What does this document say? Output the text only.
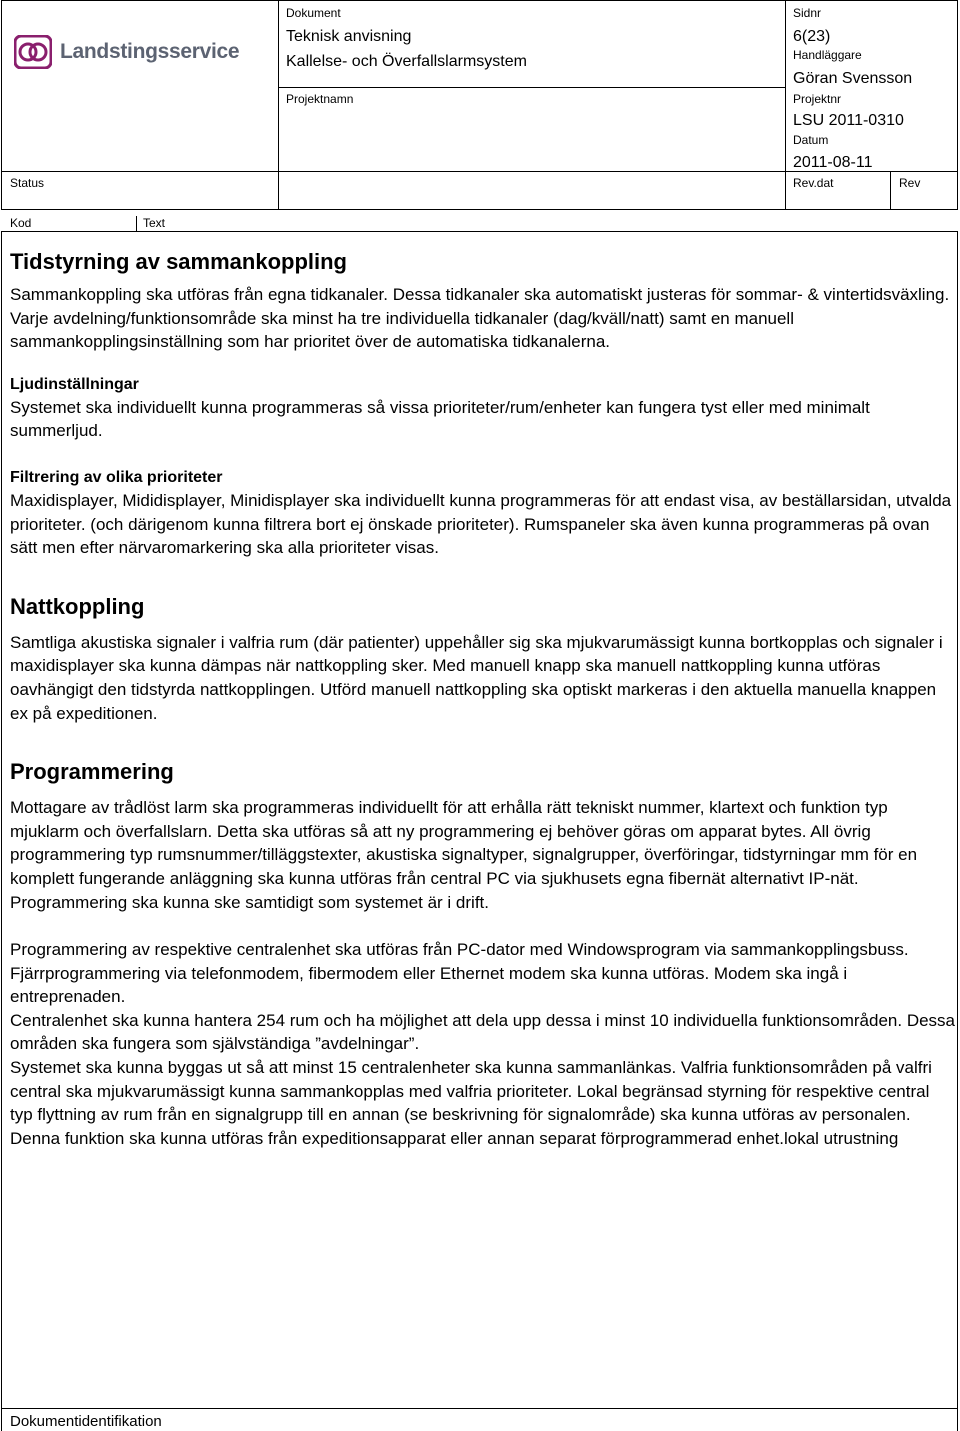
Landstingsservice
Status
Dokument
Teknisk anvisning
Kallelse- och Överfallslarmsystem
Projektnamn
Sidnr
6(23)
Handläggare
Göran Svensson
Projektnr
LSU 2011-0310
Datum
2011-08-11
Rev.dat	Rev
Kod	Text
Tidstyrning av sammankoppling

Sammankoppling ska utföras från egna tidkanaler. Dessa tidkanaler ska automatiskt justeras för sommar- & vintertidsväxling. Varje avdelning/funktionsområde ska minst ha tre individuella tidkanaler (dag/kväll/natt) samt en manuell sammankopplingsinställning som har prioritet över de automatiska tidkanalerna.

Ljudinställningar

Systemet ska individuellt kunna programmeras så vissa prioriteter/rum/enheter kan fungera tyst eller med minimalt summerljud.

Filtrering av olika prioriteter

Maxidisplayer, Mididisplayer, Minidisplayer ska individuellt kunna programmeras för att endast visa, av beställarsidan, utvalda prioriteter. (och därigenom kunna filtrera bort ej önskade prioriteter). Rumspaneler ska även kunna programmeras på ovan sätt men efter närvaromarkering ska alla prioriteter visas.

Nattkoppling

Samtliga akustiska signaler i valfria rum (där patienter) uppehåller sig ska mjukvarumässigt kunna bortkopplas och signaler i maxidisplayer ska kunna dämpas när nattkoppling sker. Med manuell knapp ska manuell nattkoppling kunna utföras oavhängigt den tidstyrda nattkopplingen. Utförd manuell nattkoppling ska optiskt markeras i den aktuella manuella knappen ex på expeditionen.

Programmering

Mottagare av trådlöst larm ska programmeras individuellt för att erhålla rätt tekniskt nummer, klartext och funktion typ mjuklarm och överfallslarn. Detta ska utföras så att ny programmering ej behöver göras om apparat bytes. All övrig programmering typ rumsnummer/tilläggstexter, akustiska signaltyper, signalgrupper, överföringar, tidstyrningar mm för en komplett fungerande anläggning ska kunna utföras från central PC via sjukhusets egna fibernät alternativt IP-nät. Programmering ska kunna ske samtidigt som systemet är i drift.

Programmering av respektive centralenhet ska utföras från PC-dator med Windowsprogram via sammankopplingsbuss. Fjärrprogrammering via telefonmodem, fibermodem eller Ethernet modem ska kunna utföras. Modem ska ingå i entreprenaden.

Centralenhet ska kunna hantera 254 rum och ha möjlighet att dela upp dessa i minst 10 individuella funktionsområden. Dessa områden ska fungera som självständiga ”avdelningar”.

Systemet ska kunna byggas ut så att minst 15 centralenheter ska kunna sammanlänkas. Valfria funktionsområden på valfri central ska mjukvarumässigt kunna sammankopplas med valfria prioriteter. Lokal begränsad styrning för respektive central typ flyttning av rum från en signalgrupp till en annan (se beskrivning för signalområde) ska kunna utföras av personalen. Denna funktion ska kunna utföras från expeditionsapparat eller annan separat förprogrammerad enhet.lokal utrustning

Dokumentidentifikation
